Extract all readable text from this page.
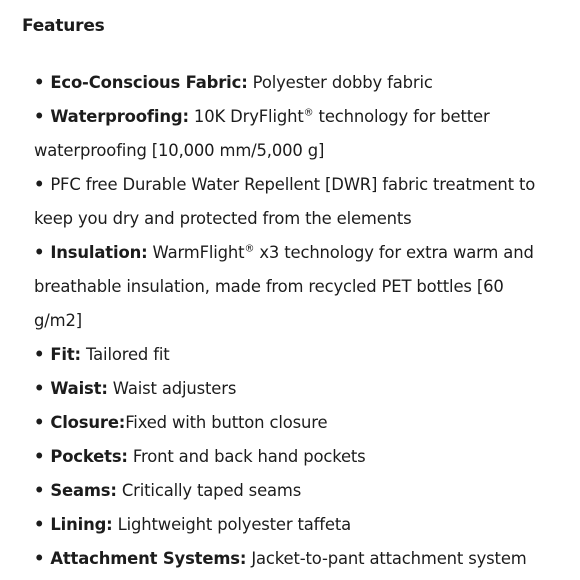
Features
• Eco-Conscious Fabric: Polyester dobby fabric
• Waterproofing: 10K DryFlight® technology for better waterproofing [10,000 mm/5,000 g]
• PFC free Durable Water Repellent [DWR] fabric treatment to keep you dry and protected from the elements
• Insulation: WarmFlight® x3 technology for extra warm and breathable insulation, made from recycled PET bottles [60 g/m2]
• Fit: Tailored fit
• Waist: Waist adjusters
• Closure:Fixed with button closure
• Pockets: Front and back hand pockets
• Seams: Critically taped seams
• Lining: Lightweight polyester taffeta
• Attachment Systems: Jacket-to-pant attachment system
